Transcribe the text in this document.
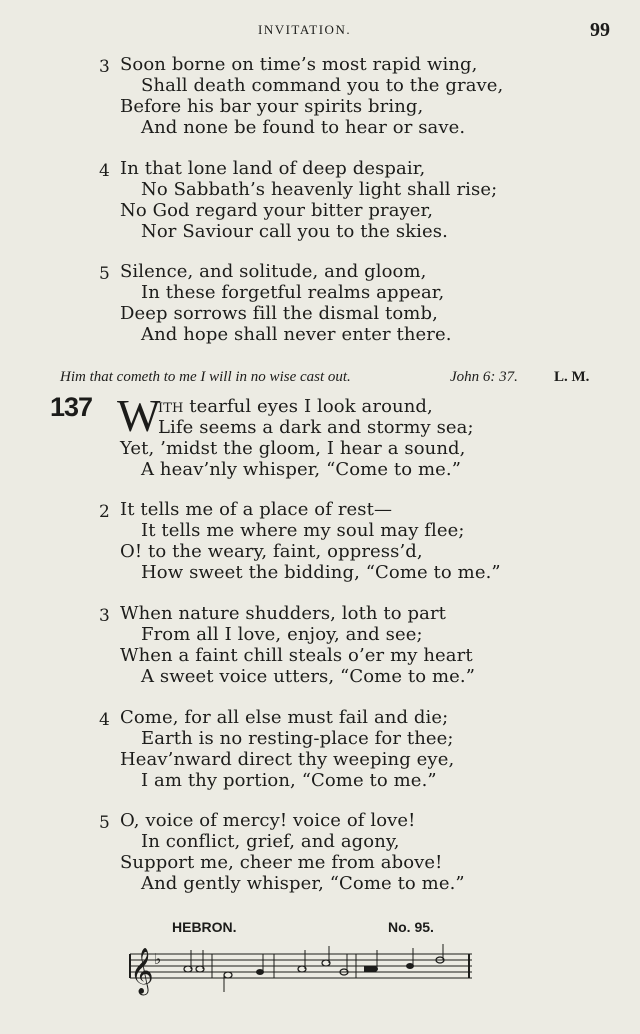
INVITATION.	99
3 Soon borne on time’s most rapid wing,
Shall death command you to the grave,
Before his bar your spirits bring,
And none be found to hear or save.
4 In that lone land of deep despair,
No Sabbath’s heavenly light shall rise;
No God regard your bitter prayer,
Nor Saviour call you to the skies.
5 Silence, and solitude, and gloom,
In these forgetful realms appear,
Deep sorrows fill the dismal tomb,
And hope shall never enter there.
Him that cometh to me I will in no wise cast out.	John 6: 37. L. M.
137 W
ith tearful eyes I look around,
Life seems a dark and stormy sea;
Yet, ’midst the gloom, I hear a sound,
A heav’nly whisper, “Come to me.”
2 It tells me of a place of rest—
It tells me where my soul may flee;
O! to the weary, faint, oppress’d,
How sweet the bidding, “Come to me.”
3 When nature shudders, loth to part
From all I love, enjoy, and see;
When a faint chill steals o’er my heart
A sweet voice utters, “Come to me.”
4 Come, for all else must fail and die;
Earth is no resting-place for thee;
Heav’nward direct thy weeping eye,
I am thy portion, “Come to me.”
5 O, voice of mercy! voice of love!
In conflict, grief, and agony,
Support me, cheer me from above!
And gently whisper, “Come to me.”
HEBRON.	No. 95.
𝄞 ♭
